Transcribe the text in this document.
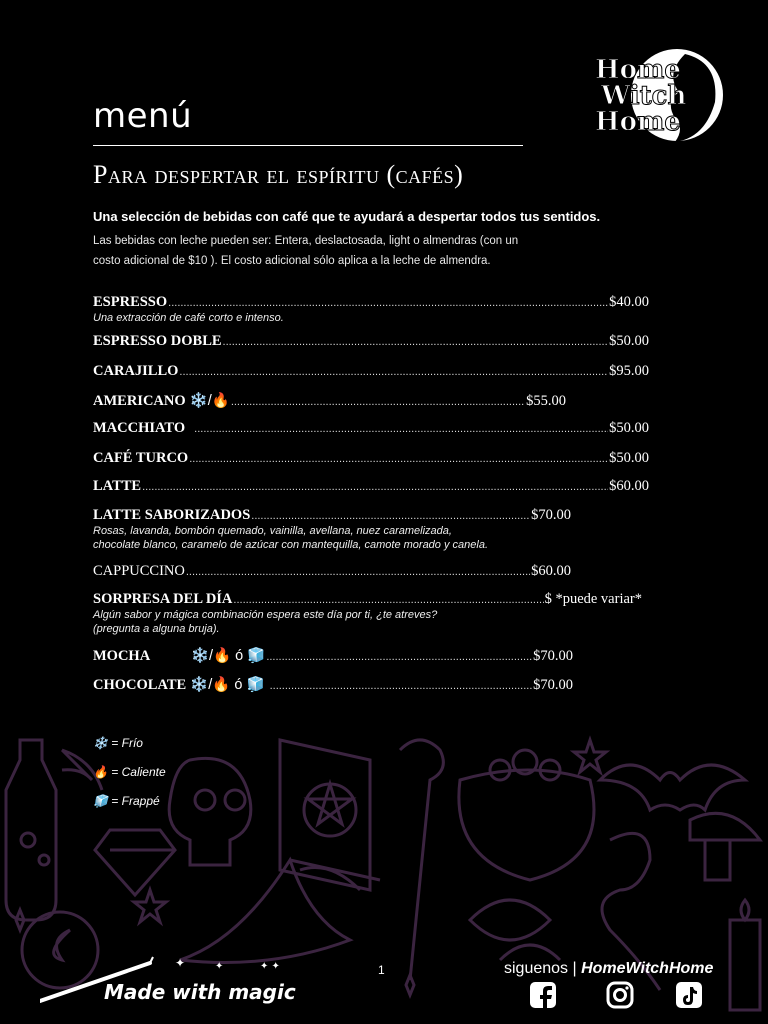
Home
Witch
Home
menú
Para despertar el espíritu (cafés)
Una selección de bebidas con café que te ayudará a despertar todos tus sentidos.
Las bebidas con leche pueden ser: Entera, deslactosada, light o almendras (con un
costo adicional de $10 ). El costo adicional sólo aplica a la leche de almendra.
ESPRESSO .....	$40.00
Una extracción de café corto e intenso.
ESPRESSO DOBLE .....	$50.00
CARAJILLO .....	$95.00
AMERICANO
❄️/🔥 .....	$55.00
MACCHIATO
.....	$50.00
CAFÉ TURCO .....	$50.00
LATTE .....	$60.00
LATTE SABORIZADOS .....	$70.00
Rosas, lavanda, bombón quemado, vainilla, avellana, nuez caramelizada,
chocolate blanco, caramelo de azúcar con mantequilla, camote morado y canela.
CAPPUCCINO .....	$60.00
SORPRESA DEL DÍA .....	$ *puede variar*
Algún sabor y mágica combinación espera este día por ti, ¿te atreves?
(pregunta a alguna bruja).
MOCHA	❄️/🔥 ó 🧊 .....	$70.00
CHOCOLATE
❄️/🔥 ó 🧊
.....	$70.00
❄️ = Frío
🔥 = Caliente
🧊 = Frappé
✦	✦	✦ ✦
Made with magic
1	siguenos | HomeWitchHome
